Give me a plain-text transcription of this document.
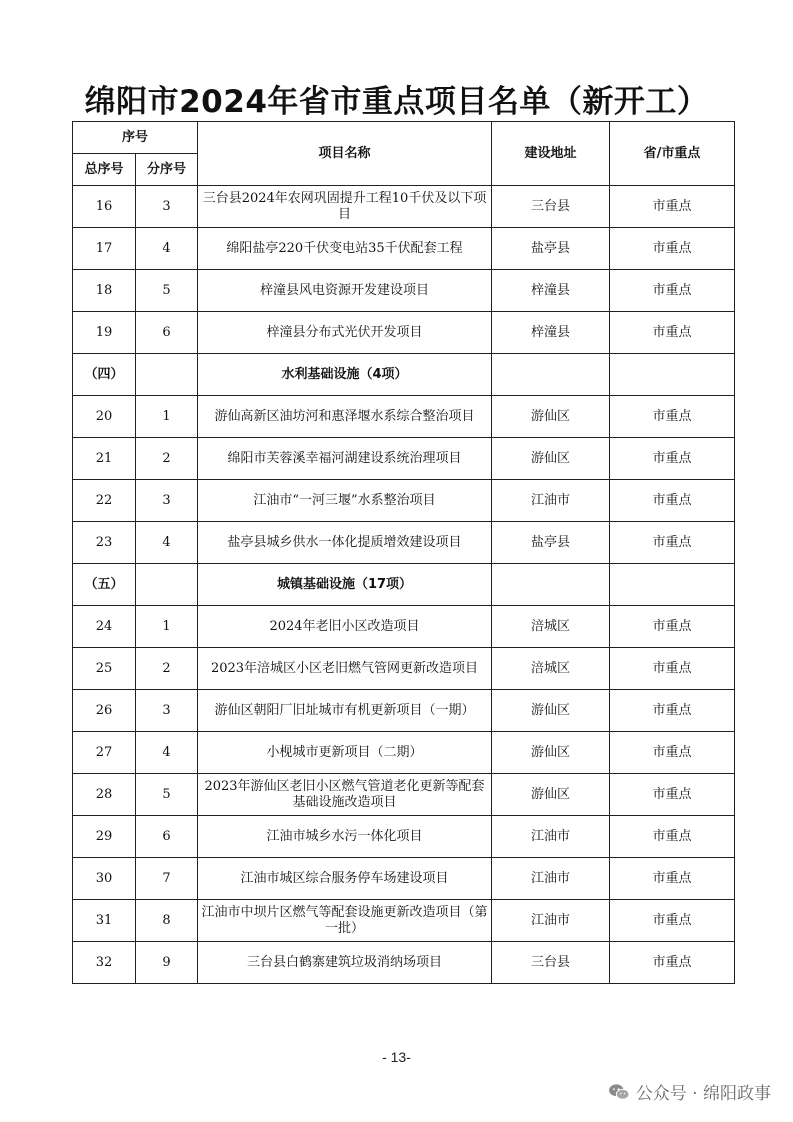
绵阳市2024年省市重点项目名单（新开工）
序号		项目名称	建设地址	省/市重点
总序号	分序号			
16	3	三台县2024年农网巩固提升工程10千伏及以下项目	三台县	市重点
17	4	绵阳盐亭220千伏变电站35千伏配套工程	盐亭县	市重点
18	5	梓潼县风电资源开发建设项目	梓潼县	市重点
19	6	梓潼县分布式光伏开发项目	梓潼县	市重点
（四）		水利基础设施（4项）		
20	1	游仙高新区油坊河和惠泽堰水系综合整治项目	游仙区	市重点
21	2	绵阳市芙蓉溪幸福河湖建设系统治理项目	游仙区	市重点
22	3	江油市“一河三堰”水系整治项目	江油市	市重点
23	4	盐亭县城乡供水一体化提质增效建设项目	盐亭县	市重点
（五）		城镇基础设施（17项）		
24	1	2024年老旧小区改造项目	涪城区	市重点
25	2	2023年涪城区小区老旧燃气管网更新改造项目	涪城区	市重点
26	3	游仙区朝阳厂旧址城市有机更新项目（一期）	游仙区	市重点
27	4	小枧城市更新项目（二期）	游仙区	市重点
28	5	2023年游仙区老旧小区燃气管道老化更新等配套基础设施改造项目	游仙区	市重点
29	6	江油市城乡水污一体化项目	江油市	市重点
30	7	江油市城区综合服务停车场建设项目	江油市	市重点
31	8	江油市中坝片区燃气等配套设施更新改造项目（第一批）	江油市	市重点
32	9	三台县白鹤寨建筑垃圾消纳场项目	三台县	市重点
- 13-
公众号 · 绵阳政事
